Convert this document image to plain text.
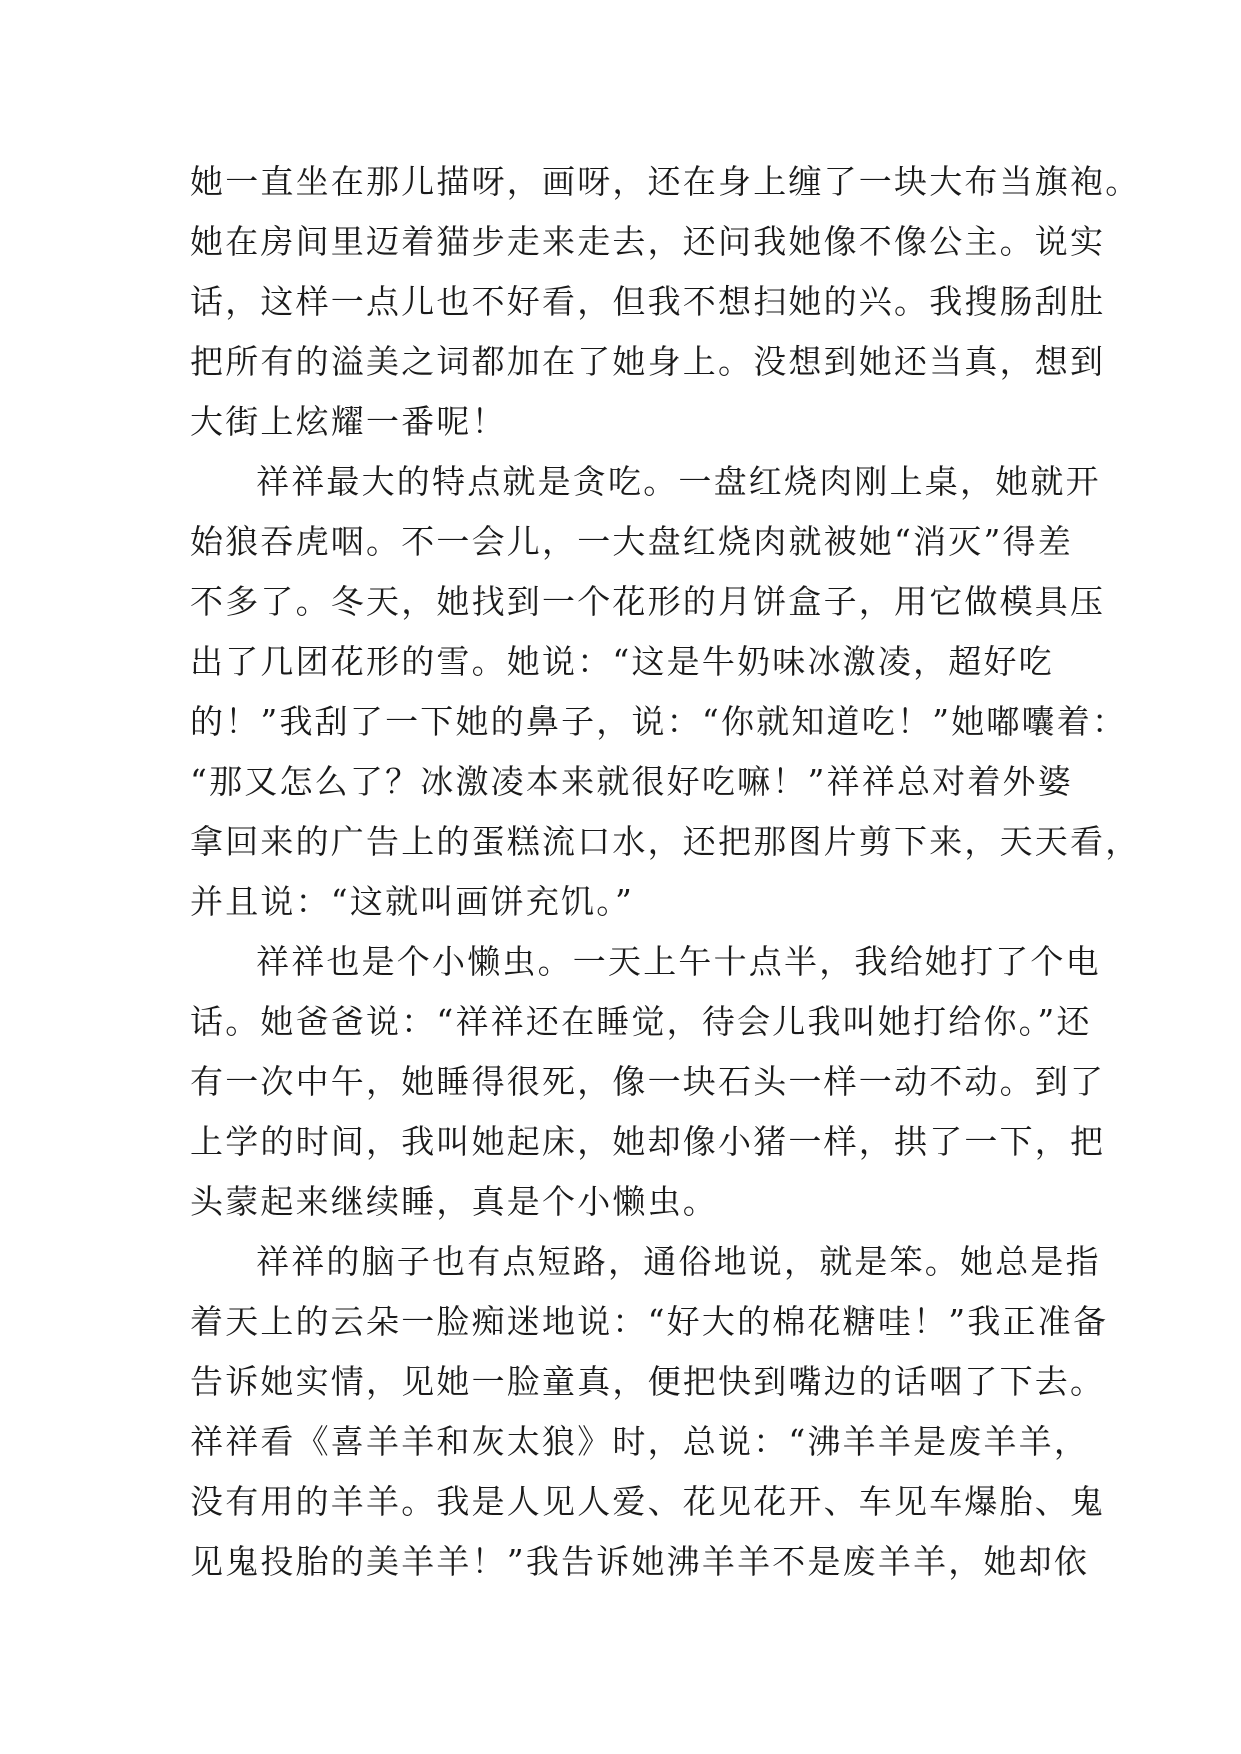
她一直坐在那儿描呀，画呀，还在身上缠了一块大布当旗袍。
她在房间里迈着猫步走来走去，还问我她像不像公主。说实
话，这样一点儿也不好看，但我不想扫她的兴。我搜肠刮肚
把所有的溢美之词都加在了她身上。没想到她还当真，想到
大街上炫耀一番呢！
祥祥最大的特点就是贪吃。一盘红烧肉刚上桌，她就开
始狼吞虎咽。不一会儿，一大盘红烧肉就被她“消灭”得差
不多了。冬天，她找到一个花形的月饼盒子，用它做模具压
出了几团花形的雪。她说：“这是牛奶味冰激凌，超好吃
的！”我刮了一下她的鼻子，说：“你就知道吃！”她嘟囔着：
“那又怎么了？冰激凌本来就很好吃嘛！”祥祥总对着外婆
拿回来的广告上的蛋糕流口水，还把那图片剪下来，天天看，
并且说：“这就叫画饼充饥。”
祥祥也是个小懒虫。一天上午十点半，我给她打了个电
话。她爸爸说：“祥祥还在睡觉，待会儿我叫她打给你。”还
有一次中午，她睡得很死，像一块石头一样一动不动。到了
上学的时间，我叫她起床，她却像小猪一样，拱了一下，把
头蒙起来继续睡，真是个小懒虫。
祥祥的脑子也有点短路，通俗地说，就是笨。她总是指
着天上的云朵一脸痴迷地说：“好大的棉花糖哇！”我正准备
告诉她实情，见她一脸童真，便把快到嘴边的话咽了下去。
祥祥看《喜羊羊和灰太狼》时，总说：“沸羊羊是废羊羊，
没有用的羊羊。我是人见人爱、花见花开、车见车爆胎、鬼
见鬼投胎的美羊羊！”我告诉她沸羊羊不是废羊羊，她却依
